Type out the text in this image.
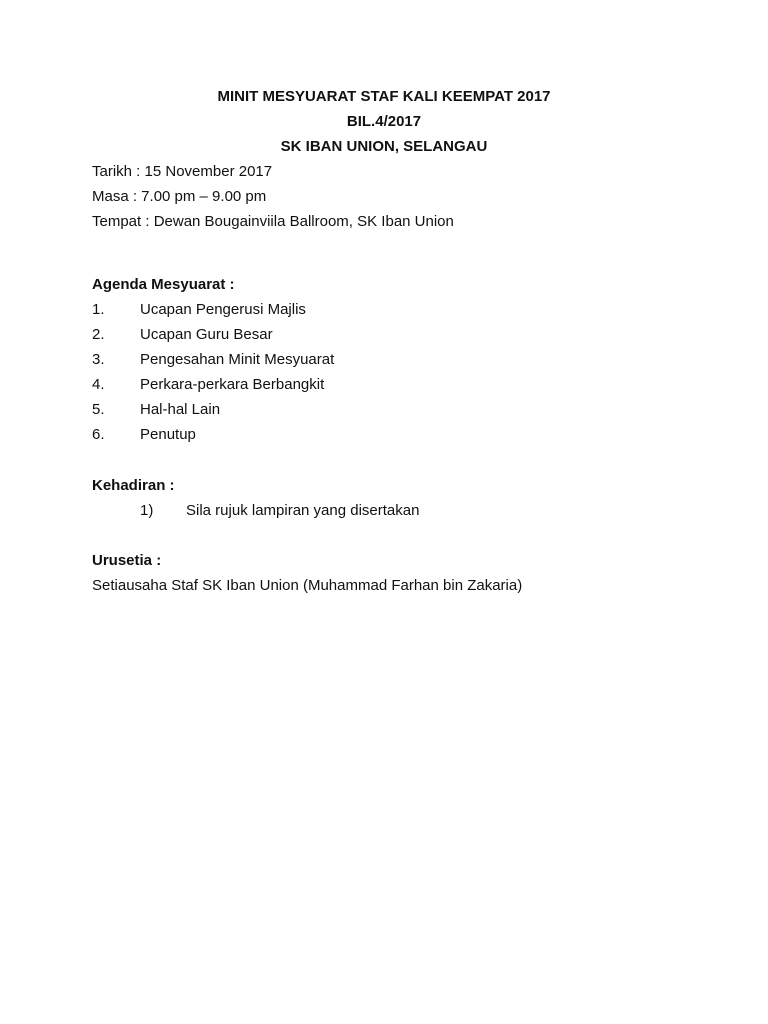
MINIT MESYUARAT STAF KALI KEEMPAT 2017
BIL.4/2017
SK IBAN UNION, SELANGAU
Tarikh : 15 November 2017
Masa : 7.00 pm – 9.00 pm
Tempat : Dewan Bougainviila Ballroom, SK Iban Union
Agenda Mesyuarat :
1. Ucapan Pengerusi Majlis
2. Ucapan Guru Besar
3. Pengesahan Minit Mesyuarat
4. Perkara-perkara Berbangkit
5. Hal-hal Lain
6. Penutup
Kehadiran :
1) Sila rujuk lampiran yang disertakan
Urusetia :
Setiausaha Staf SK Iban Union (Muhammad Farhan bin Zakaria)
